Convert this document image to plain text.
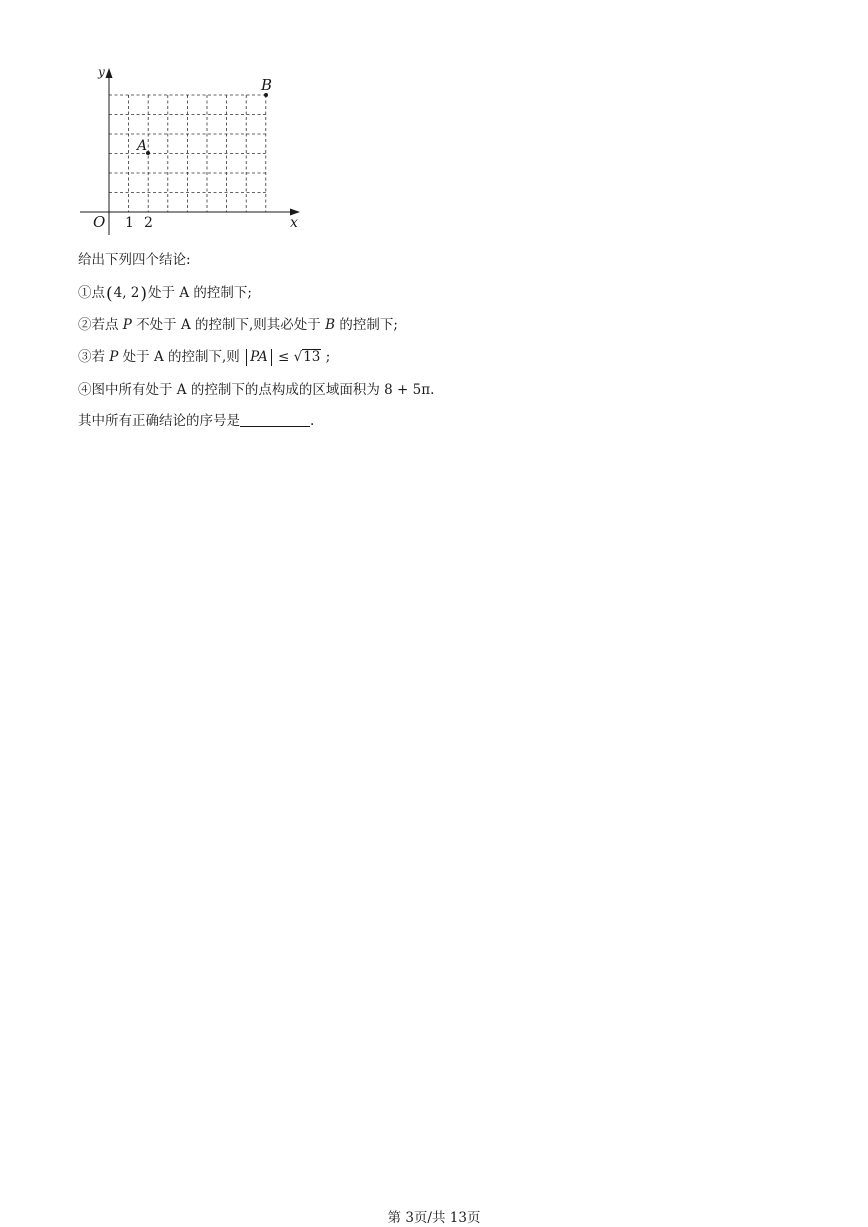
x
y
O 1 2
A
B
给出下列四个结论:
①点(4, 2)处于 A 的控制下;
②若点 P 不处于 A 的控制下,则其必处于 B 的控制下;
③若 P 处于 A 的控制下,则 PA ≤ √13 ;
④图中所有处于 A 的控制下的点构成的区域面积为 8 + 5π.
其中所有正确结论的序号是	.
第 3页/共 13页
